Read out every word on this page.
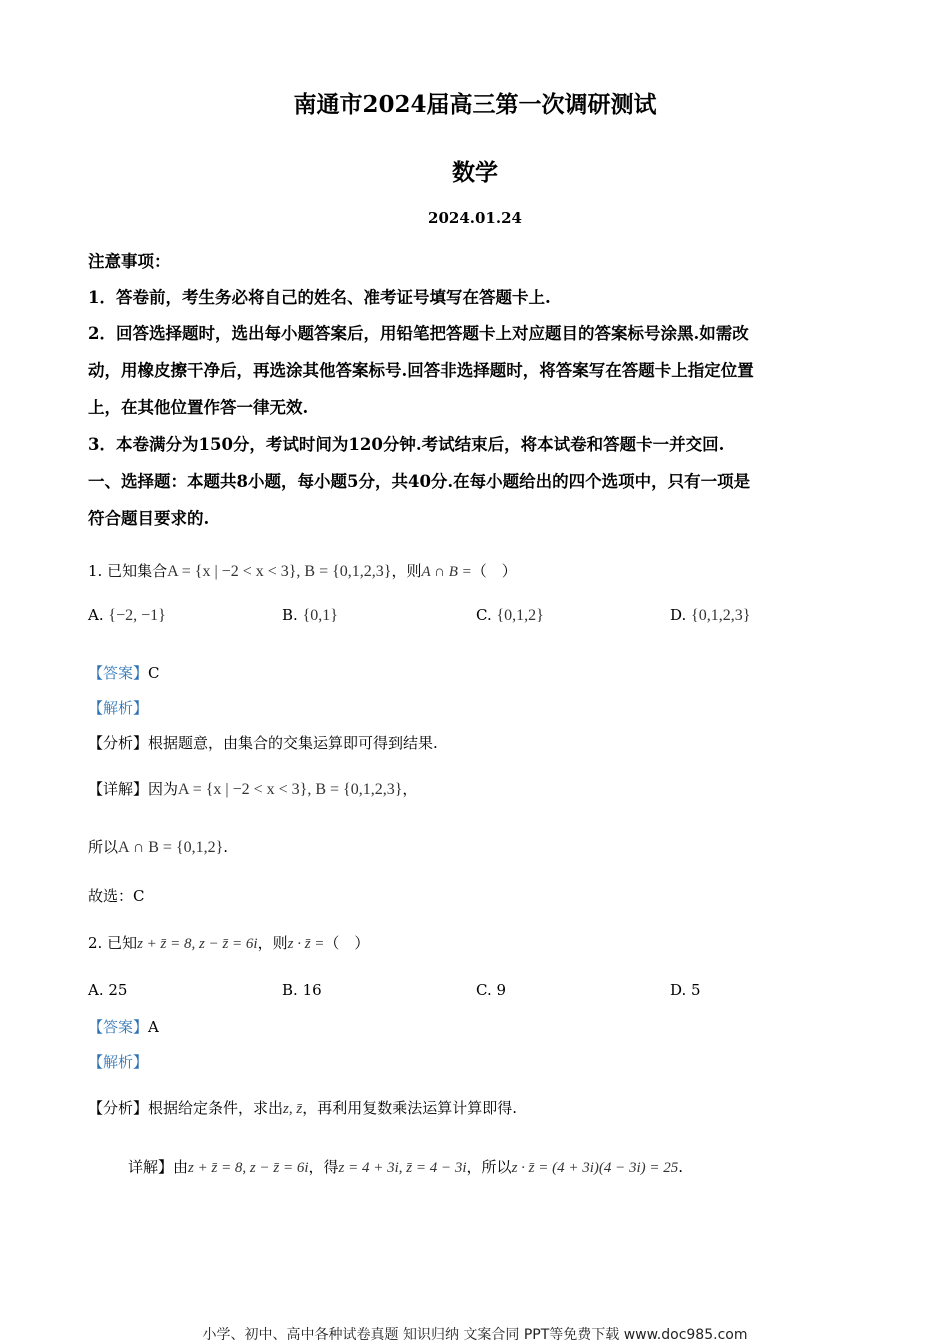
南通市2024届高三第一次调研测试
数学
2024.01.24
注意事项：
1．答卷前，考生务必将自己的姓名、准考证号填写在答题卡上.
2．回答选择题时，选出每小题答案后，用铅笔把答题卡上对应题目的答案标号涂黑.如需改
动，用橡皮擦干净后，再选涂其他答案标号.回答非选择题时，将答案写在答题卡上指定位置
上，在其他位置作答一律无效.
3．本卷满分为150分，考试时间为120分钟.考试结束后，将本试卷和答题卡一并交回.
一、选择题：本题共8小题，每小题5分，共40分.在每小题给出的四个选项中，只有一项是
符合题目要求的.
1. 已知集合A = {x | −2 < x < 3}, B = {0,1,2,3}，则A ∩ B =（　）
A. {−2, −1}	B. {0,1}	C. {0,1,2}	D. {0,1,2,3}
【答案】C
【解析】
【分析】根据题意，由集合的交集运算即可得到结果.
【详解】因为A = {x | −2 < x < 3}, B = {0,1,2,3}，
所以A ∩ B = {0,1,2}.
故选：C
2. 已知z + z̄ = 8, z − z̄ = 6i，则z · z̄ =（　）
A. 25	B. 16	C. 9	D. 5
【答案】A
【解析】
【分析】根据给定条件，求出z, z̄，再利用复数乘法运算计算即得.
详解】由z + z̄ = 8, z − z̄ = 6i，得z = 4 + 3i, z̄ = 4 − 3i，所以z · z̄ = (4 + 3i)(4 − 3i) = 25.
小学、初中、高中各种试卷真题 知识归纳 文案合同 PPT等免费下载 www.doc985.com
